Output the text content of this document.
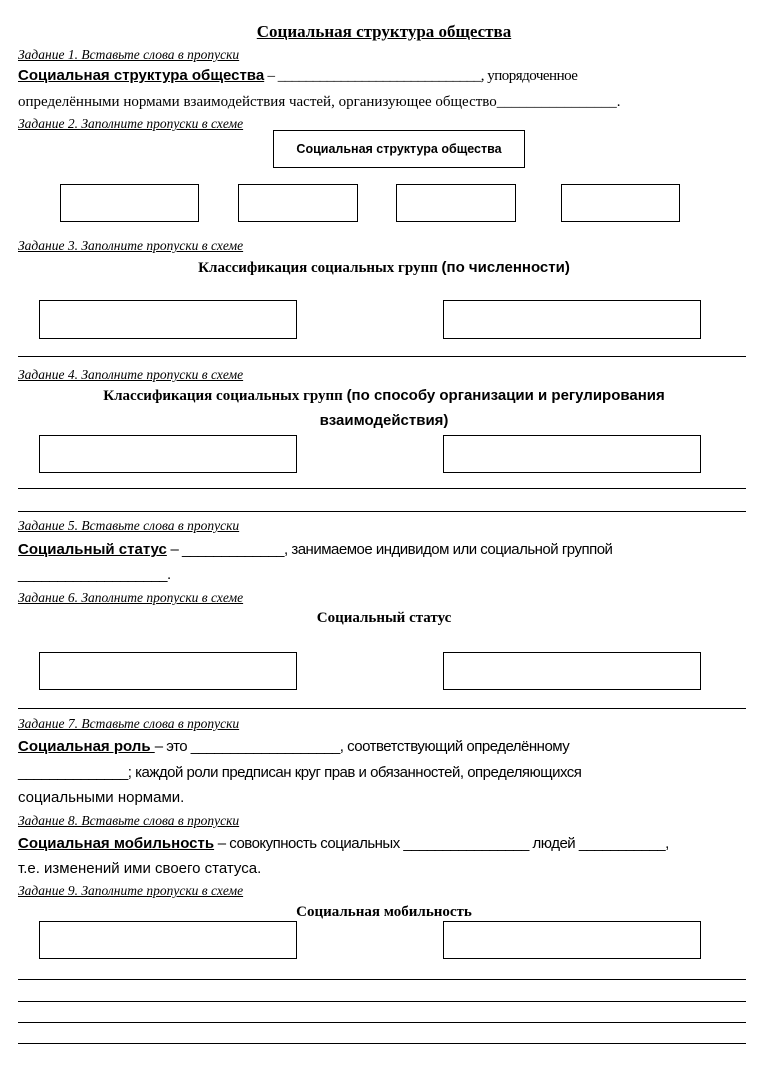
Социальная структура общества
Задание 1. Вставьте слова в пропуски
Социальная структура общества – _____________________________, упорядоченное
определёнными нормами взаимодействия частей, организующее общество________________.
Задание 2. Заполните пропуски в схеме
Социальная структура общества
Задание 3. Заполните пропуски в схеме
Классификация социальных групп (по численности)
Задание 4. Заполните пропуски в схеме
Классификация социальных групп (по способу организации и регулирования
взаимодействия)
Задание 5. Вставьте слова в пропуски
Социальный статус – _____________, занимаемое индивидом или социальной группой
___________________.
Задание 6. Заполните пропуски в схеме
Социальный статус
Задание 7. Вставьте слова в пропуски
Социальная роль – это ___________________, соответствующий определённому
______________; каждой роли предписан круг прав и обязанностей, определяющихся
социальными нормами.
Задание 8. Вставьте слова в пропуски
Социальная мобильность – совокупность социальных ________________ людей ___________,
т.е. изменений ими своего статуса.
Задание 9. Заполните пропуски в схеме
Социальная мобильность
